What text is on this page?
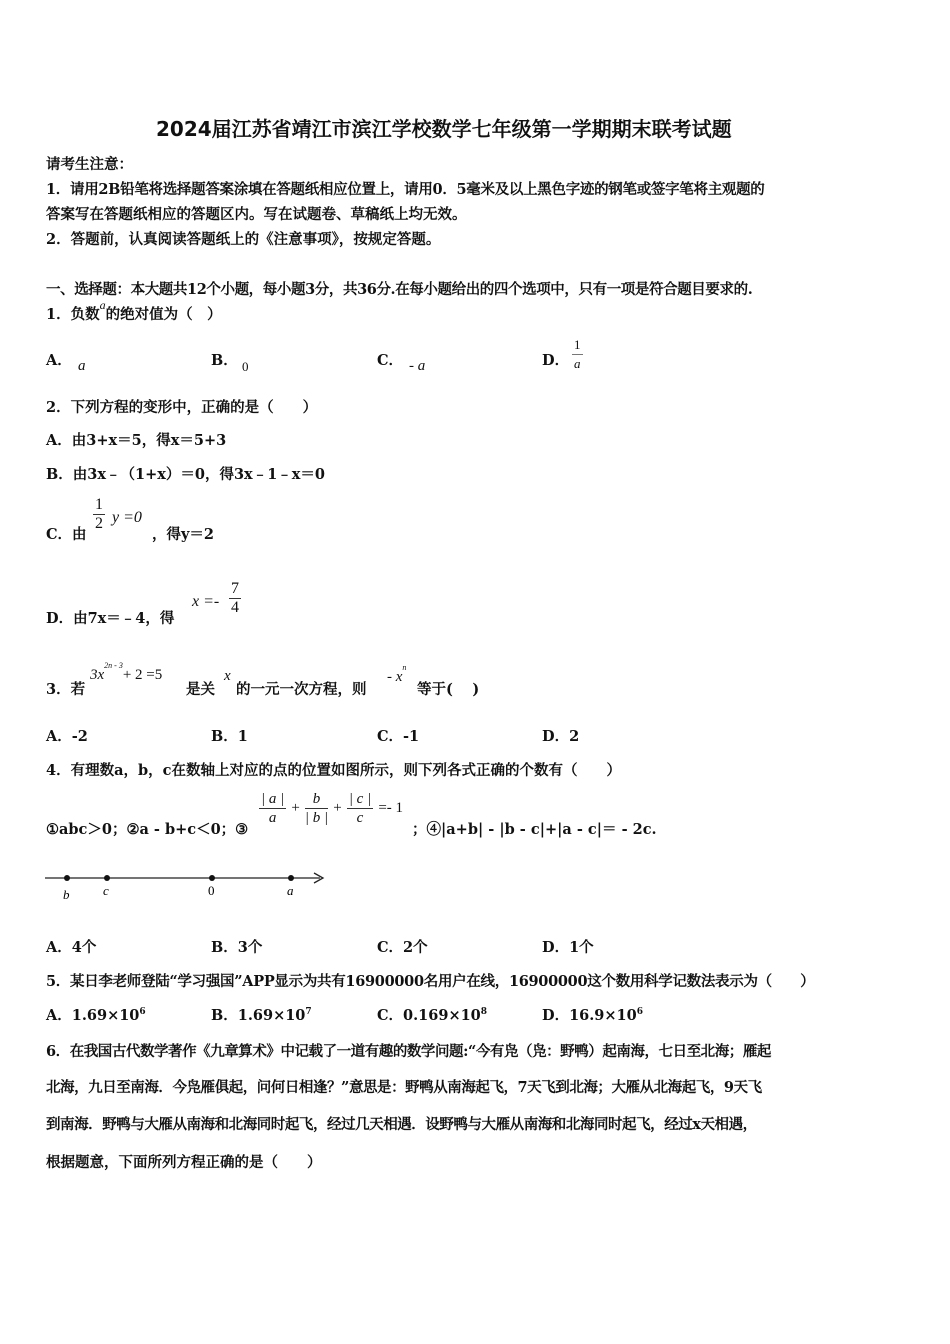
2024届江苏省靖江市滨江学校数学七年级第一学期期末联考试题
请考生注意：
1．请用2B铅笔将选择题答案涂填在答题纸相应位置上，请用0．5毫米及以上黑色字迹的钢笔或签字笔将主观题的
答案写在答题纸相应的答题区内。写在试题卷、草稿纸上均无效。
2．答题前，认真阅读答题纸上的《注意事项》，按规定答题。
一、选择题：本大题共12个小题，每小题3分，共36分.在每小题给出的四个选项中，只有一项是符合题目要求的.
1．负数$^a$的绝对值为（　）
A． a	B． 0	C． - a	D． $\frac{1}{a}$
2．下列方程的变形中，正确的是（　　）
A．由3+x＝5，得x＝5+3
B．由3x﹣（1+x）＝0，得3x﹣1﹣x＝0
C．由
$\frac{1}{2}$ y =0
，得y＝2
D．由7x＝﹣4，得
$x =- \frac{7}{4}$
3．若
$3x^{2n - 3}+ 2 =5$
是关
x
的一元一次方程，则
- $x^n$
等于(　 )
A．-2	B．1	C．-1	D．2
4．有理数a，b，c在数轴上对应的点的位置如图所示，则下列各式正确的个数有（　　）
①abc＞0；②a - b+c＜0；③
$\frac{| a |}{a} + \frac{b}{| b |} + \frac{| c |}{c} =- 1$
；④|a+b| - |b - c|+|a - c|＝ - 2c.
b	c	0	a
A．4个	B．3个	C．2个	D．1个
5．某日李老师登陆“学习强国”APP显示为共有16900000名用户在线，16900000这个数用科学记数法表示为（　　）
A．$1.69\times 10^6$	B．$1.69\times 10^7$	C．$0.169\times 10^8$	D．$16.9\times 10^6$
6．在我国古代数学著作《九章算术》中记载了一道有趣的数学问题:“今有凫（凫：野鸭）起南海，七日至北海；雁起
北海，九日至南海．今凫雁俱起，问何日相逢？”意思是：野鸭从南海起飞，7天飞到北海；大雁从北海起飞，9天飞
到南海．野鸭与大雁从南海和北海同时起飞，经过几天相遇．设野鸭与大雁从南海和北海同时起飞，经过x天相遇，
根据题意，下面所列方程正确的是（　　）
